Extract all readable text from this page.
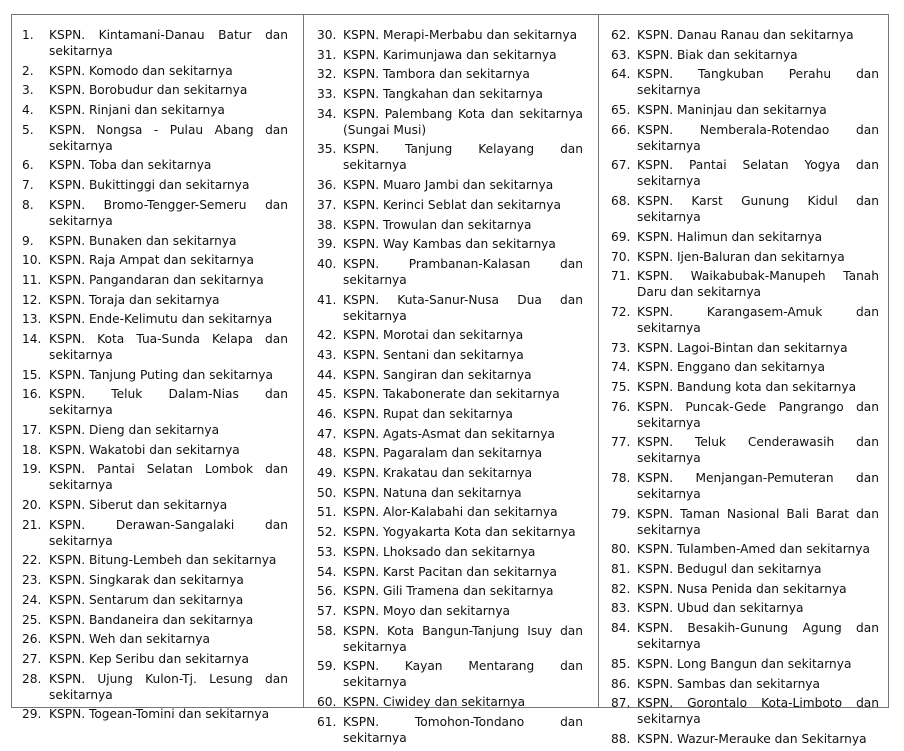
1. KSPN. Kintamani-Danau Batur dan sekitarnya
2. KSPN. Komodo dan sekitarnya
3. KSPN. Borobudur dan sekitarnya
4. KSPN. Rinjani dan sekitarnya
5. KSPN. Nongsa - Pulau Abang dan sekitarnya
6. KSPN. Toba dan sekitarnya
7. KSPN. Bukittinggi dan sekitarnya
8. KSPN. Bromo-Tengger-Semeru dan sekitarnya
9. KSPN. Bunaken dan sekitarnya
10. KSPN. Raja Ampat dan sekitarnya
11. KSPN. Pangandaran dan sekitarnya
12. KSPN. Toraja dan sekitarnya
13. KSPN. Ende-Kelimutu dan sekitarnya
14. KSPN. Kota Tua-Sunda Kelapa dan sekitarnya
15. KSPN. Tanjung Puting dan sekitarnya
16. KSPN. Teluk Dalam-Nias dan sekitarnya
17. KSPN. Dieng dan sekitarnya
18. KSPN. Wakatobi dan sekitarnya
19. KSPN. Pantai Selatan Lombok dan sekitarnya
20. KSPN. Siberut dan sekitarnya
21. KSPN. Derawan-Sangalaki dan sekitarnya
22. KSPN. Bitung-Lembeh dan sekitarnya
23. KSPN. Singkarak dan sekitarnya
24. KSPN. Sentarum dan sekitarnya
25. KSPN. Bandaneira dan sekitarnya
26. KSPN. Weh dan sekitarnya
27. KSPN. Kep Seribu dan sekitarnya
28. KSPN. Ujung Kulon-Tj. Lesung dan sekitarnya
29. KSPN. Togean-Tomini dan sekitarnya
30. KSPN. Merapi-Merbabu dan sekitarnya
31. KSPN. Karimunjawa dan sekitarnya
32. KSPN. Tambora dan sekitarnya
33. KSPN. Tangkahan dan sekitarnya
34. KSPN. Palembang Kota dan sekitarnya (Sungai Musi)
35. KSPN. Tanjung Kelayang dan sekitarnya
36. KSPN. Muaro Jambi dan sekitarnya
37. KSPN. Kerinci Seblat dan sekitarnya
38. KSPN. Trowulan dan sekitarnya
39. KSPN. Way Kambas dan sekitarnya
40. KSPN. Prambanan-Kalasan dan sekitarnya
41. KSPN. Kuta-Sanur-Nusa Dua dan sekitarnya
42. KSPN. Morotai dan sekitarnya
43. KSPN. Sentani dan sekitarnya
44. KSPN. Sangiran dan sekitarnya
45. KSPN. Takabonerate dan sekitarnya
46. KSPN. Rupat dan sekitarnya
47. KSPN. Agats-Asmat dan sekitarnya
48. KSPN. Pagaralam dan sekitarnya
49. KSPN. Krakatau dan sekitarnya
50. KSPN. Natuna dan sekitarnya
51. KSPN. Alor-Kalabahi dan sekitarnya
52. KSPN. Yogyakarta Kota dan sekitarnya
53. KSPN. Lhoksado dan sekitarnya
54. KSPN. Karst Pacitan dan sekitarnya
56. KSPN. Gili Tramena dan sekitarnya
57. KSPN. Moyo dan sekitarnya
58. KSPN. Kota Bangun-Tanjung Isuy dan sekitarnya
59. KSPN. Kayan Mentarang dan sekitarnya
60. KSPN. Ciwidey dan sekitarnya
61. KSPN. Tomohon-Tondano dan sekitarnya
62. KSPN. Danau Ranau dan sekitarnya
63. KSPN. Biak dan sekitarnya
64. KSPN. Tangkuban Perahu dan sekitarnya
65. KSPN. Maninjau dan sekitarnya
66. KSPN. Nemberala-Rotendao dan sekitarnya
67. KSPN. Pantai Selatan Yogya dan sekitarnya
68. KSPN. Karst Gunung Kidul dan sekitarnya
69. KSPN. Halimun dan sekitarnya
70. KSPN. Ijen-Baluran dan sekitarnya
71. KSPN. Waikabubak-Manupeh Tanah Daru dan sekitarnya
72. KSPN. Karangasem-Amuk dan sekitarnya
73. KSPN. Lagoi-Bintan dan sekitarnya
74. KSPN. Enggano dan sekitarnya
75. KSPN. Bandung kota dan sekitarnya
76. KSPN. Puncak-Gede Pangrango dan sekitarnya
77. KSPN. Teluk Cenderawasih dan sekitarnya
78. KSPN. Menjangan-Pemuteran dan sekitarnya
79. KSPN. Taman Nasional Bali Barat dan sekitarnya
80. KSPN. Tulamben-Amed dan sekitarnya
81. KSPN. Bedugul dan sekitarnya
82. KSPN. Nusa Penida dan sekitarnya
83. KSPN. Ubud dan sekitarnya
84. KSPN. Besakih-Gunung Agung dan sekitarnya
85. KSPN. Long Bangun dan sekitarnya
86. KSPN. Sambas dan sekitarnya
87. KSPN. Gorontalo Kota-Limboto dan sekitarnya
88. KSPN. Wazur-Merauke dan Sekitarnya
